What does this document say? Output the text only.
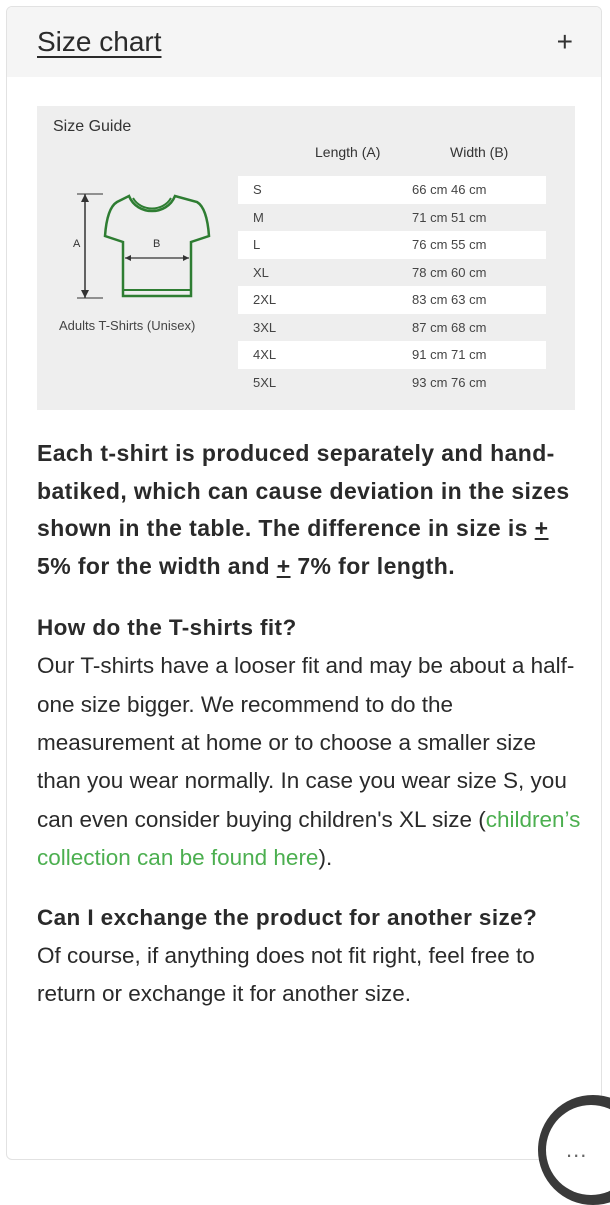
Size chart	+
Size Guide
Length (A)	Width (B)
A	B
Adults T-Shirts (Unisex)
S	66 cm 46 cm
M	71 cm 51 cm
L	76 cm 55 cm
XL	78 cm 60 cm
2XL	83 cm 63 cm
3XL	87 cm 68 cm
4XL	91 cm 71 cm
5XL	93 cm 76 cm

Each t-shirt is produced separately and hand-batiked, which can cause deviation in the sizes shown in the table. The difference in size is + 5% for the width and + 7% for length.

How do the T-shirts fit?

Our T-shirts have a looser fit and may be about a half-one size bigger. We recommend to do the measurement at home or to choose a smaller size than you wear normally. In case you wear size S, you can even consider buying children's XL size (children’s collection can be found here).

Can I exchange the product for another size?

Of course, if anything does not fit right, feel free to return or exchange it for another size.

...
